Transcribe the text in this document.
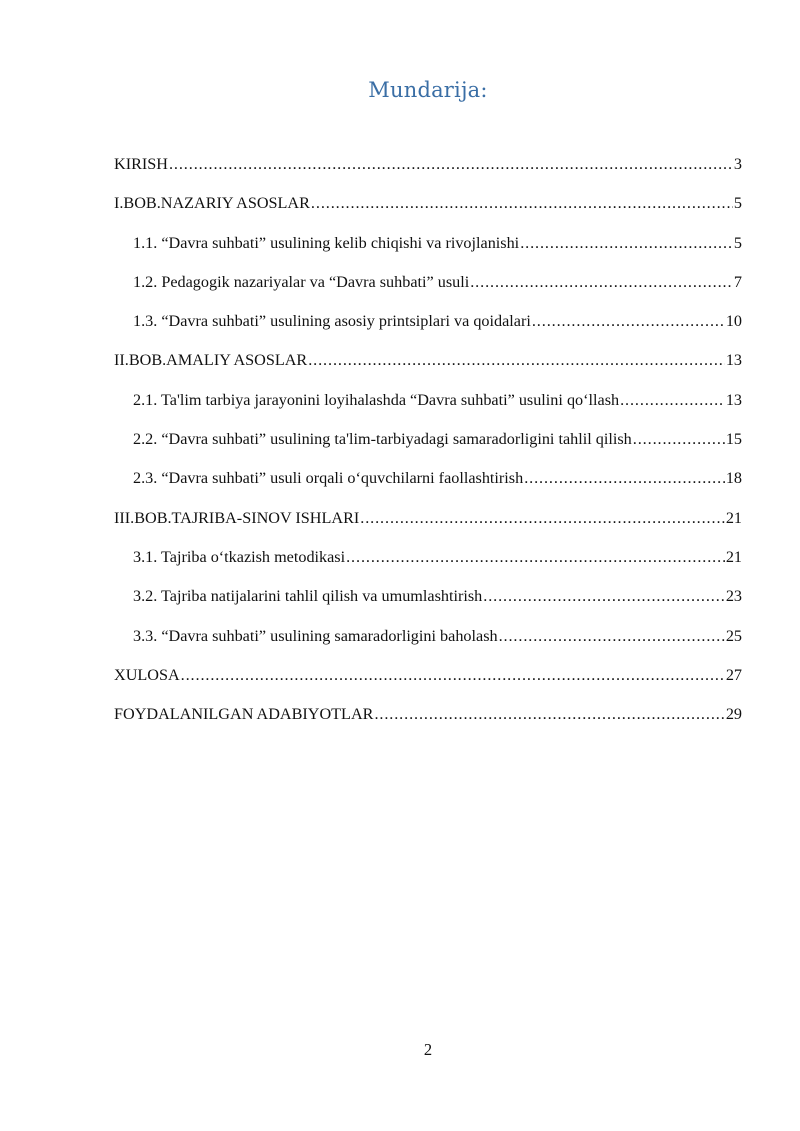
Mundarija:
KIRISH .....	3
I.BOB.NAZARIY ASOSLAR .....	5
1.1. “Davra suhbati” usulining kelib chiqishi va rivojlanishi .....	5
1.2. Pedagogik nazariyalar va “Davra suhbati” usuli .....	7
1.3. “Davra suhbati” usulining asosiy printsiplari va qoidalari .....	10
II.BOB.AMALIY ASOSLAR .....	13
2.1. Ta'lim tarbiya jarayonini loyihalashda “Davra suhbati” usulini qo‘llash .....	13
2.2. “Davra suhbati” usulining ta'lim-tarbiyadagi samaradorligini tahlil qilish .....	15
2.3. “Davra suhbati” usuli orqali o‘quvchilarni faollashtirish .....	18
III.BOB.TAJRIBA-SINOV ISHLARI .....	21
3.1. Tajriba o‘tkazish metodikasi .....	21
3.2. Tajriba natijalarini tahlil qilish va umumlashtirish .....	23
3.3. “Davra suhbati” usulining samaradorligini baholash .....	25
XULOSA .....	27
FOYDALANILGAN ADABIYOTLAR .....	29
2
